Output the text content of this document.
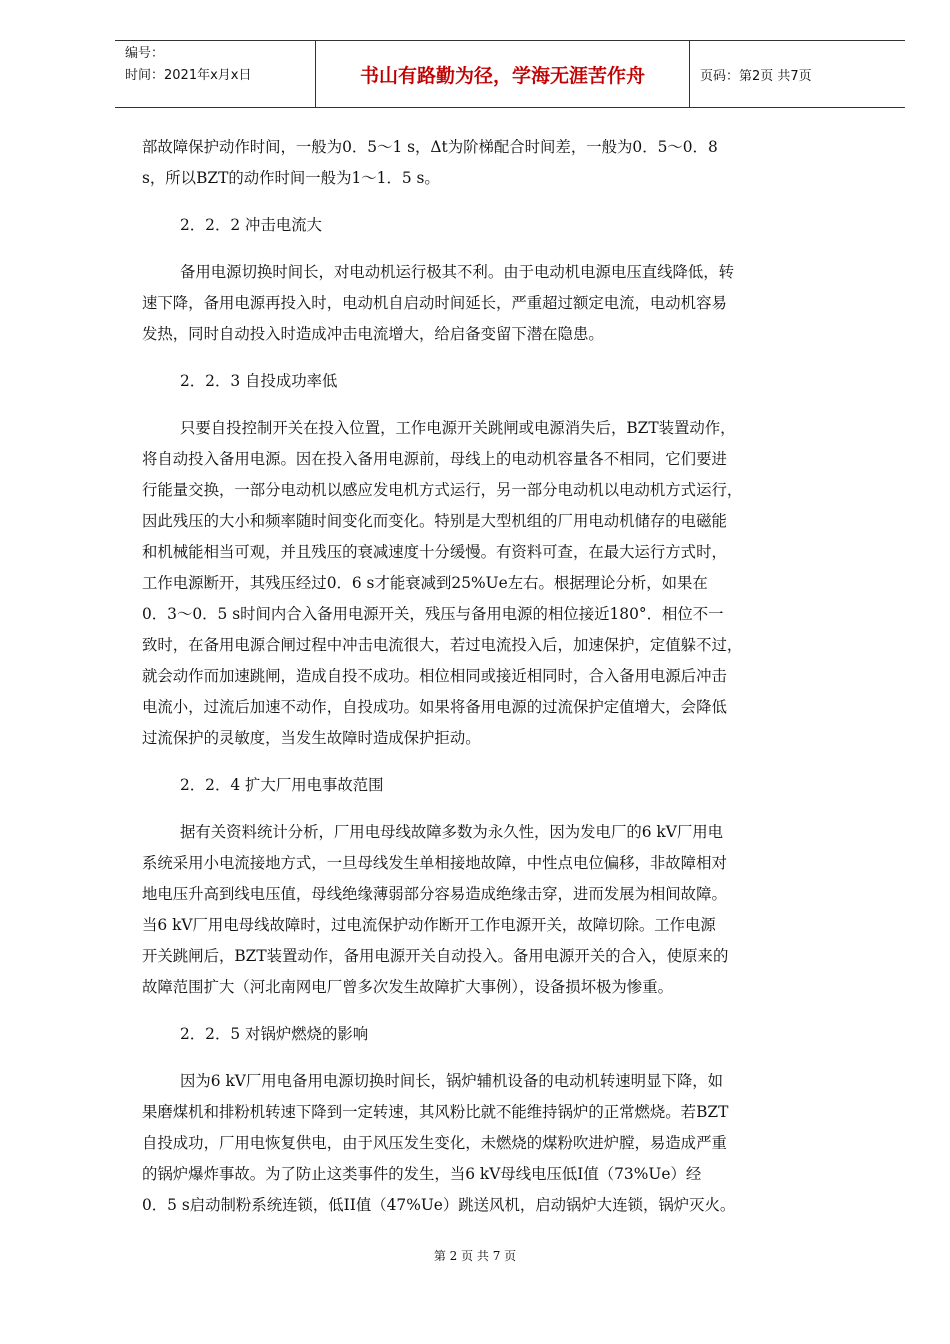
编号：
时间：2021年x月x日	书山有路勤为径，学海无涯苦作舟	页码：第2页 共7页

部故障保护动作时间，一般为0．5～1 s，Δt为阶梯配合时间差，一般为0．5～0．8

s，所以BZT的动作时间一般为1～1．5 s。

2．2．2 冲击电流大

备用电源切换时间长，对电动机运行极其不利。由于电动机电源电压直线降低，转

速下降，备用电源再投入时，电动机自启动时间延长，严重超过额定电流，电动机容易

发热，同时自动投入时造成冲击电流增大，给启备变留下潜在隐患。

2．2．3 自投成功率低

只要自投控制开关在投入位置，工作电源开关跳闸或电源消失后，BZT装置动作，

将自动投入备用电源。因在投入备用电源前，母线上的电动机容量各不相同，它们要进

行能量交换，一部分电动机以感应发电机方式运行，另一部分电动机以电动机方式运行，

因此残压的大小和频率随时间变化而变化。特别是大型机组的厂用电动机储存的电磁能

和机械能相当可观，并且残压的衰减速度十分缓慢。有资料可查，在最大运行方式时，

工作电源断开，其残压经过0．6 s才能衰减到25%Ue左右。根据理论分析，如果在

0．3～0．5 s时间内合入备用电源开关，残压与备用电源的相位接近180°．相位不一

致时，在备用电源合闸过程中冲击电流很大，若过电流投入后，加速保护，定值躲不过，

就会动作而加速跳闸，造成自投不成功。相位相同或接近相同时，合入备用电源后冲击

电流小，过流后加速不动作，自投成功。如果将备用电源的过流保护定值增大，会降低

过流保护的灵敏度，当发生故障时造成保护拒动。

2．2．4 扩大厂用电事故范围

据有关资料统计分析，厂用电母线故障多数为永久性，因为发电厂的6 kV厂用电

系统采用小电流接地方式，一旦母线发生单相接地故障，中性点电位偏移，非故障相对

地电压升高到线电压值，母线绝缘薄弱部分容易造成绝缘击穿，进而发展为相间故障。

当6 kV厂用电母线故障时，过电流保护动作断开工作电源开关，故障切除。工作电源

开关跳闸后，BZT装置动作，备用电源开关自动投入。备用电源开关的合入，使原来的

故障范围扩大（河北南网电厂曾多次发生故障扩大事例），设备损坏极为惨重。

2．2．5 对锅炉燃烧的影响

因为6 kV厂用电备用电源切换时间长，锅炉辅机设备的电动机转速明显下降，如

果磨煤机和排粉机转速下降到一定转速，其风粉比就不能维持锅炉的正常燃烧。若BZT

自投成功，厂用电恢复供电，由于风压发生变化，未燃烧的煤粉吹进炉膛，易造成严重

的锅炉爆炸事故。为了防止这类事件的发生，当6 kV母线电压低I值（73%Ue）经

0．5 s启动制粉系统连锁，低II值（47%Ue）跳送风机，启动锅炉大连锁，锅炉灭火。

第 2 页 共 7 页
